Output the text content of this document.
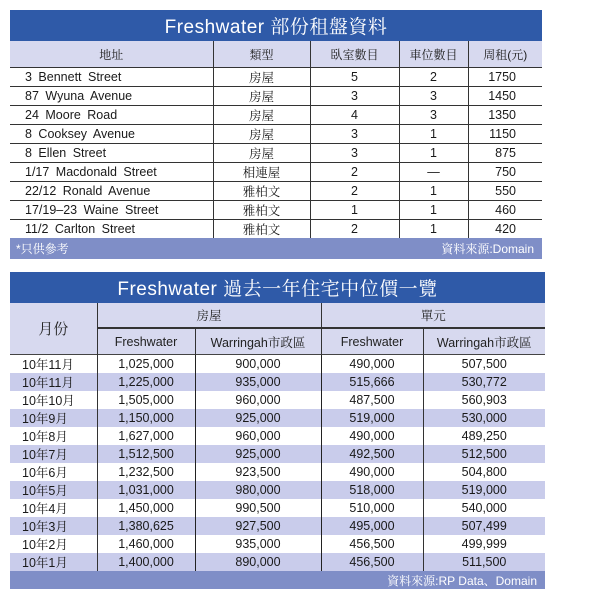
Freshwater 部份租盤資料				
地址	類型	臥室數目	車位數目	周租(元)
3 Bennett Street	房屋	5	2	1750
87 Wyuna Avenue	房屋	3	3	1450
24 Moore Road	房屋	4	3	1350
8 Cooksey Avenue	房屋	3	1	1150
8 Ellen Street	房屋	3	1	875
1/17 Macdonald Street	相連屋	2	—	750
22/12 Ronald Avenue	雅柏文	2	1	550
17/19–23 Waine Street	雅柏文	1	1	460
11/2 Carlton Street	雅柏文	2	1	420

*只供參考 資料來源:Domain				
Freshwater 過去一年住宅中位價一覽				
月份	房屋		單元	
	Freshwater	Warringah市政區	Freshwater	Warringah市政區
10年11月	1,025,000	900,000	490,000	507,500
10年11月	1,225,000	935,000	515,666	530,772
10年10月	1,505,000	960,000	487,500	560,903
10年9月	1,150,000	925,000	519,000	530,000
10年8月	1,627,000	960,000	490,000	489,250
10年7月	1,512,500	925,000	492,500	512,500
10年6月	1,232,500	923,500	490,000	504,800
10年5月	1,031,000	980,000	518,000	519,000
10年4月	1,450,000	990,500	510,000	540,000
10年3月	1,380,625	927,500	495,000	507,499
10年2月	1,460,000	935,000	456,500	499,999
10年1月	1,400,000	890,000	456,500	511,500

資料來源:RP Data、Domain				
